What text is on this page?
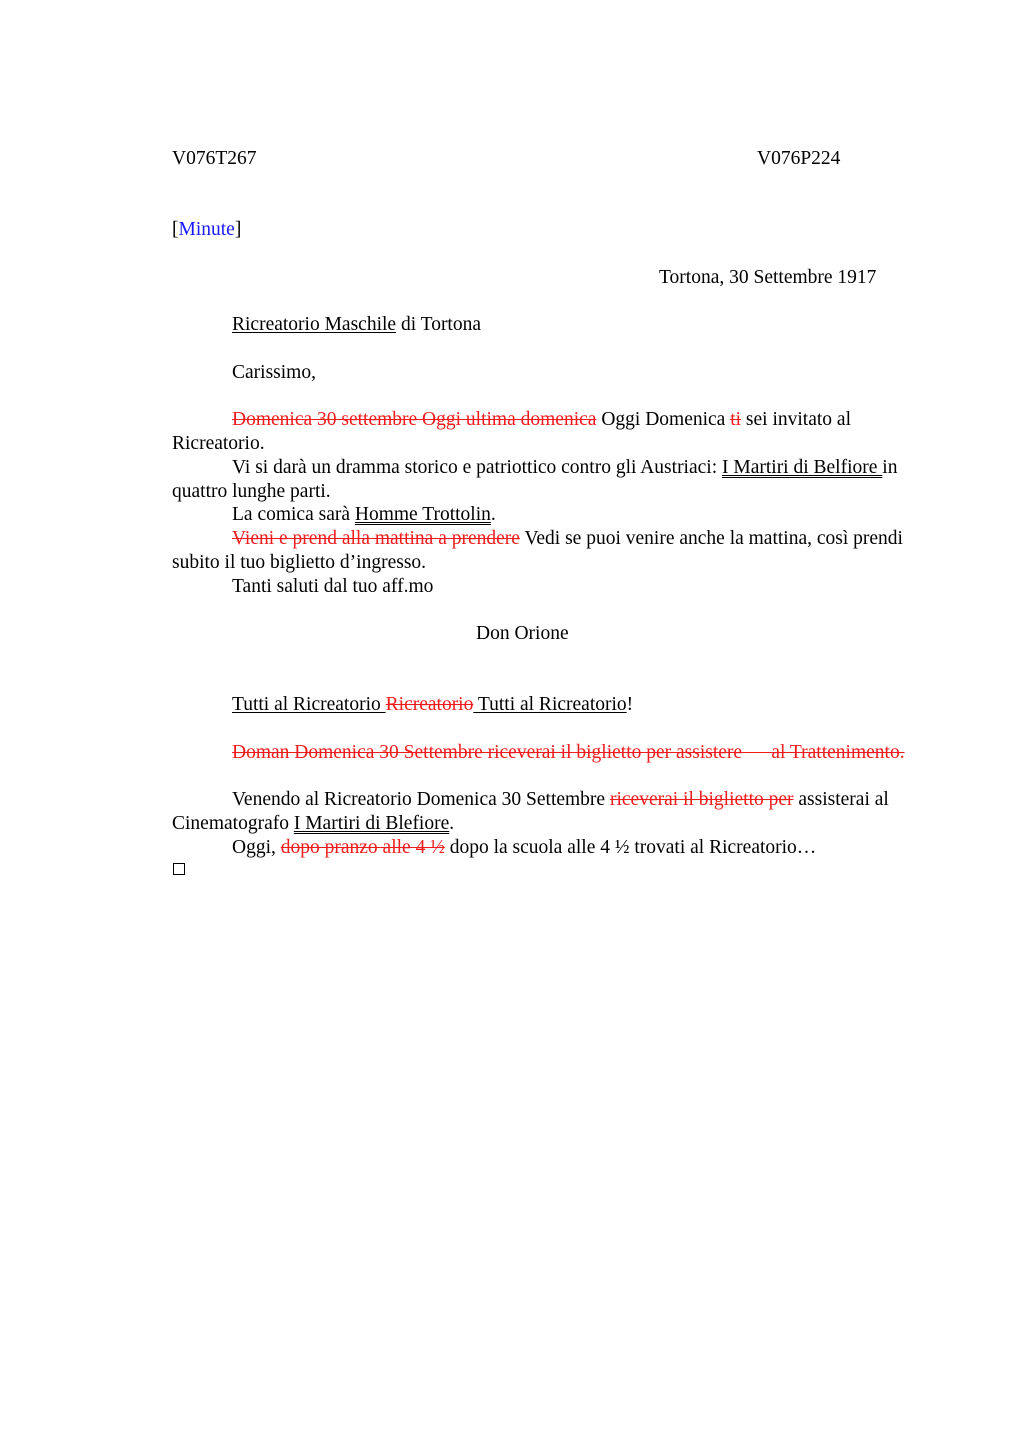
V076T267	V076P224
[Minute]
Tortona, 30 Settembre 1917
Ricreatorio Maschile di Tortona
Carissimo,
Domenica 30 settembre Oggi ultima domenica Oggi Domenica ti sei invitato al Ricreatorio.
Vi si darà un dramma storico e patriottico contro gli Austriaci: I Martiri di Belfiore in quattro lunghe parti.
La comica sarà Homme Trottolin.
Vieni e prend alla mattina a prendere Vedi se puoi venire anche la mattina, così prendi subito il tuo biglietto d’ingresso.
Tanti saluti dal tuo aff.mo
Don Orione
Tutti al Ricreatorio Ricreatorio Tutti al Ricreatorio!
Doman Domenica 30 Settembre riceverai il biglietto per assistere      al Trattenimento.
Venendo al Ricreatorio Domenica 30 Settembre riceverai il biglietto per assisterai al Cinematografo I Martiri di Blefiore.
Oggi, dopo pranzo alle 4 ½ dopo la scuola alle 4 ½ trovati al Ricreatorio…
